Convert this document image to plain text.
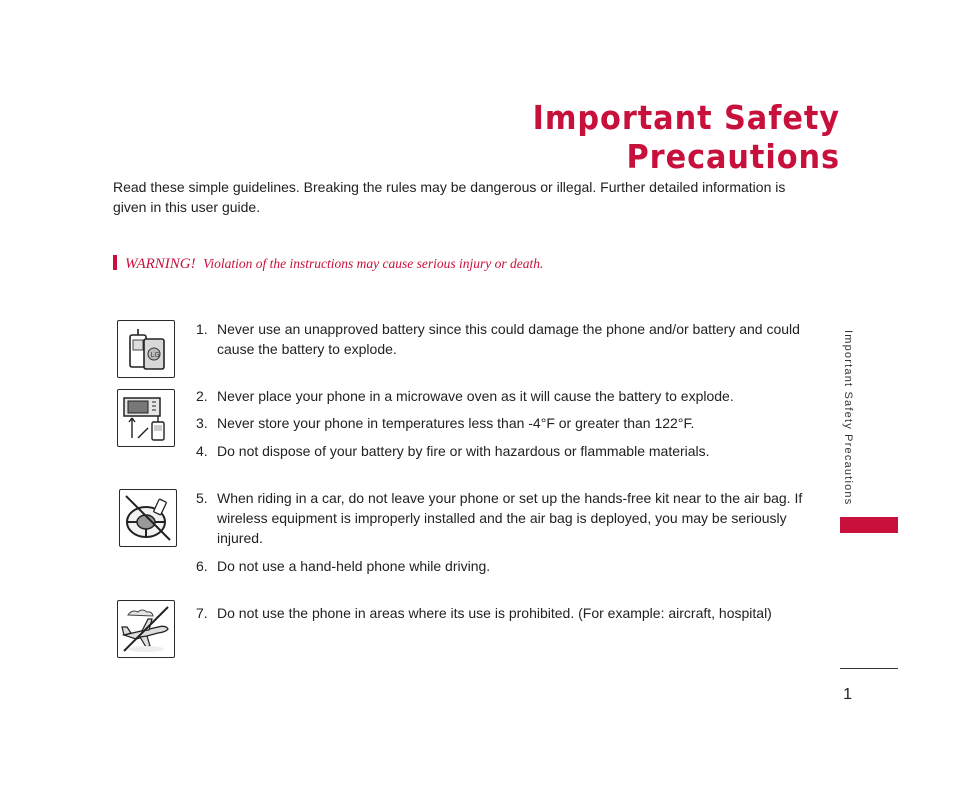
Important Safety Precautions
Read these simple guidelines. Breaking the rules may be dangerous or illegal. Further detailed information is given in this user guide.
WARNING! Violation of the instructions may cause serious injury or death.
LG
1. Never use an unapproved battery since this could damage the phone and/or battery and could cause the battery to explode.
2. Never place your phone in a microwave oven as it will cause the battery to explode.
3. Never store your phone in temperatures less than -4°F or greater than 122°F.
4. Do not dispose of your battery by fire or with hazardous or flammable materials.
5. When riding in a car, do not leave your phone or set up the hands-free kit near to the air bag. If wireless equipment is improperly installed and the air bag is deployed, you may be seriously injured.
6. Do not use a hand-held phone while driving.
7. Do not use the phone in areas where its use is prohibited. (For example: aircraft, hospital)
Important Safety Precautions
1
